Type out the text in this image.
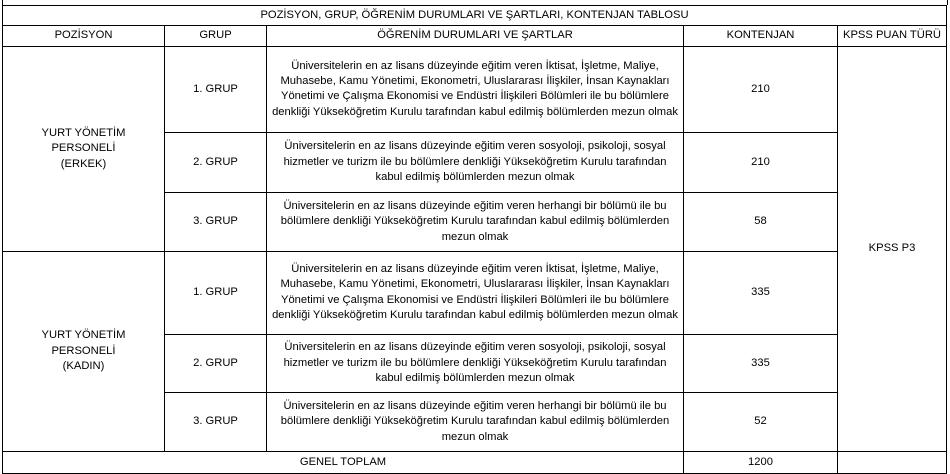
POZİSYON, GRUP, ÖĞRENİM DURUMLARI VE ŞARTLARI, KONTENJAN TABLOSU				
POZİSYON	GRUP	ÖĞRENİM DURUMLARI VE ŞARTLAR	KONTENJAN	KPSS PUAN TÜRÜ
YURT YÖNETİM
PERSONELİ
(ERKEK)	1. GRUP	Üniversitelerin en az lisans düzeyinde eğitim veren İktisat, İşletme, Maliye, Muhasebe, Kamu Yönetimi, Ekonometri, Uluslararası İlişkiler, İnsan Kaynakları Yönetimi ve Çalışma Ekonomisi ve Endüstri İlişkileri Bölümleri ile bu bölümlere denkliği Yükseköğretim Kurulu tarafından kabul edilmiş bölümlerden mezun olmak	210	KPSS P3
	2. GRUP	Üniversitelerin en az lisans düzeyinde eğitim veren sosyoloji, psikoloji, sosyal hizmetler ve turizm ile bu bölümlere denkliği Yükseköğretim Kurulu tarafından kabul edilmiş bölümlerden mezun olmak	210	
	3. GRUP	Üniversitelerin en az lisans düzeyinde eğitim veren herhangi bir bölümü ile bu bölümlere denkliği Yükseköğretim Kurulu tarafından kabul edilmiş bölümlerden mezun olmak	58	
YURT YÖNETİM
PERSONELİ
(KADIN)	1. GRUP	Üniversitelerin en az lisans düzeyinde eğitim veren İktisat, İşletme, Maliye, Muhasebe, Kamu Yönetimi, Ekonometri, Uluslararası İlişkiler, İnsan Kaynakları Yönetimi ve Çalışma Ekonomisi ve Endüstri İlişkileri Bölümleri ile bu bölümlere denkliği Yükseköğretim Kurulu tarafından kabul edilmiş bölümlerden mezun olmak	335
	2. GRUP	Üniversitelerin en az lisans düzeyinde eğitim veren sosyoloji, psikoloji, sosyal hizmetler ve turizm ile bu bölümlere denkliği Yükseköğretim Kurulu tarafından kabul edilmiş bölümlerden mezun olmak	335	
	3. GRUP	Üniversitelerin en az lisans düzeyinde eğitim veren herhangi bir bölümü ile bu bölümlere denkliği Yükseköğretim Kurulu tarafından kabul edilmiş bölümlerden mezun olmak	52	
GENEL TOPLAM			1200	
